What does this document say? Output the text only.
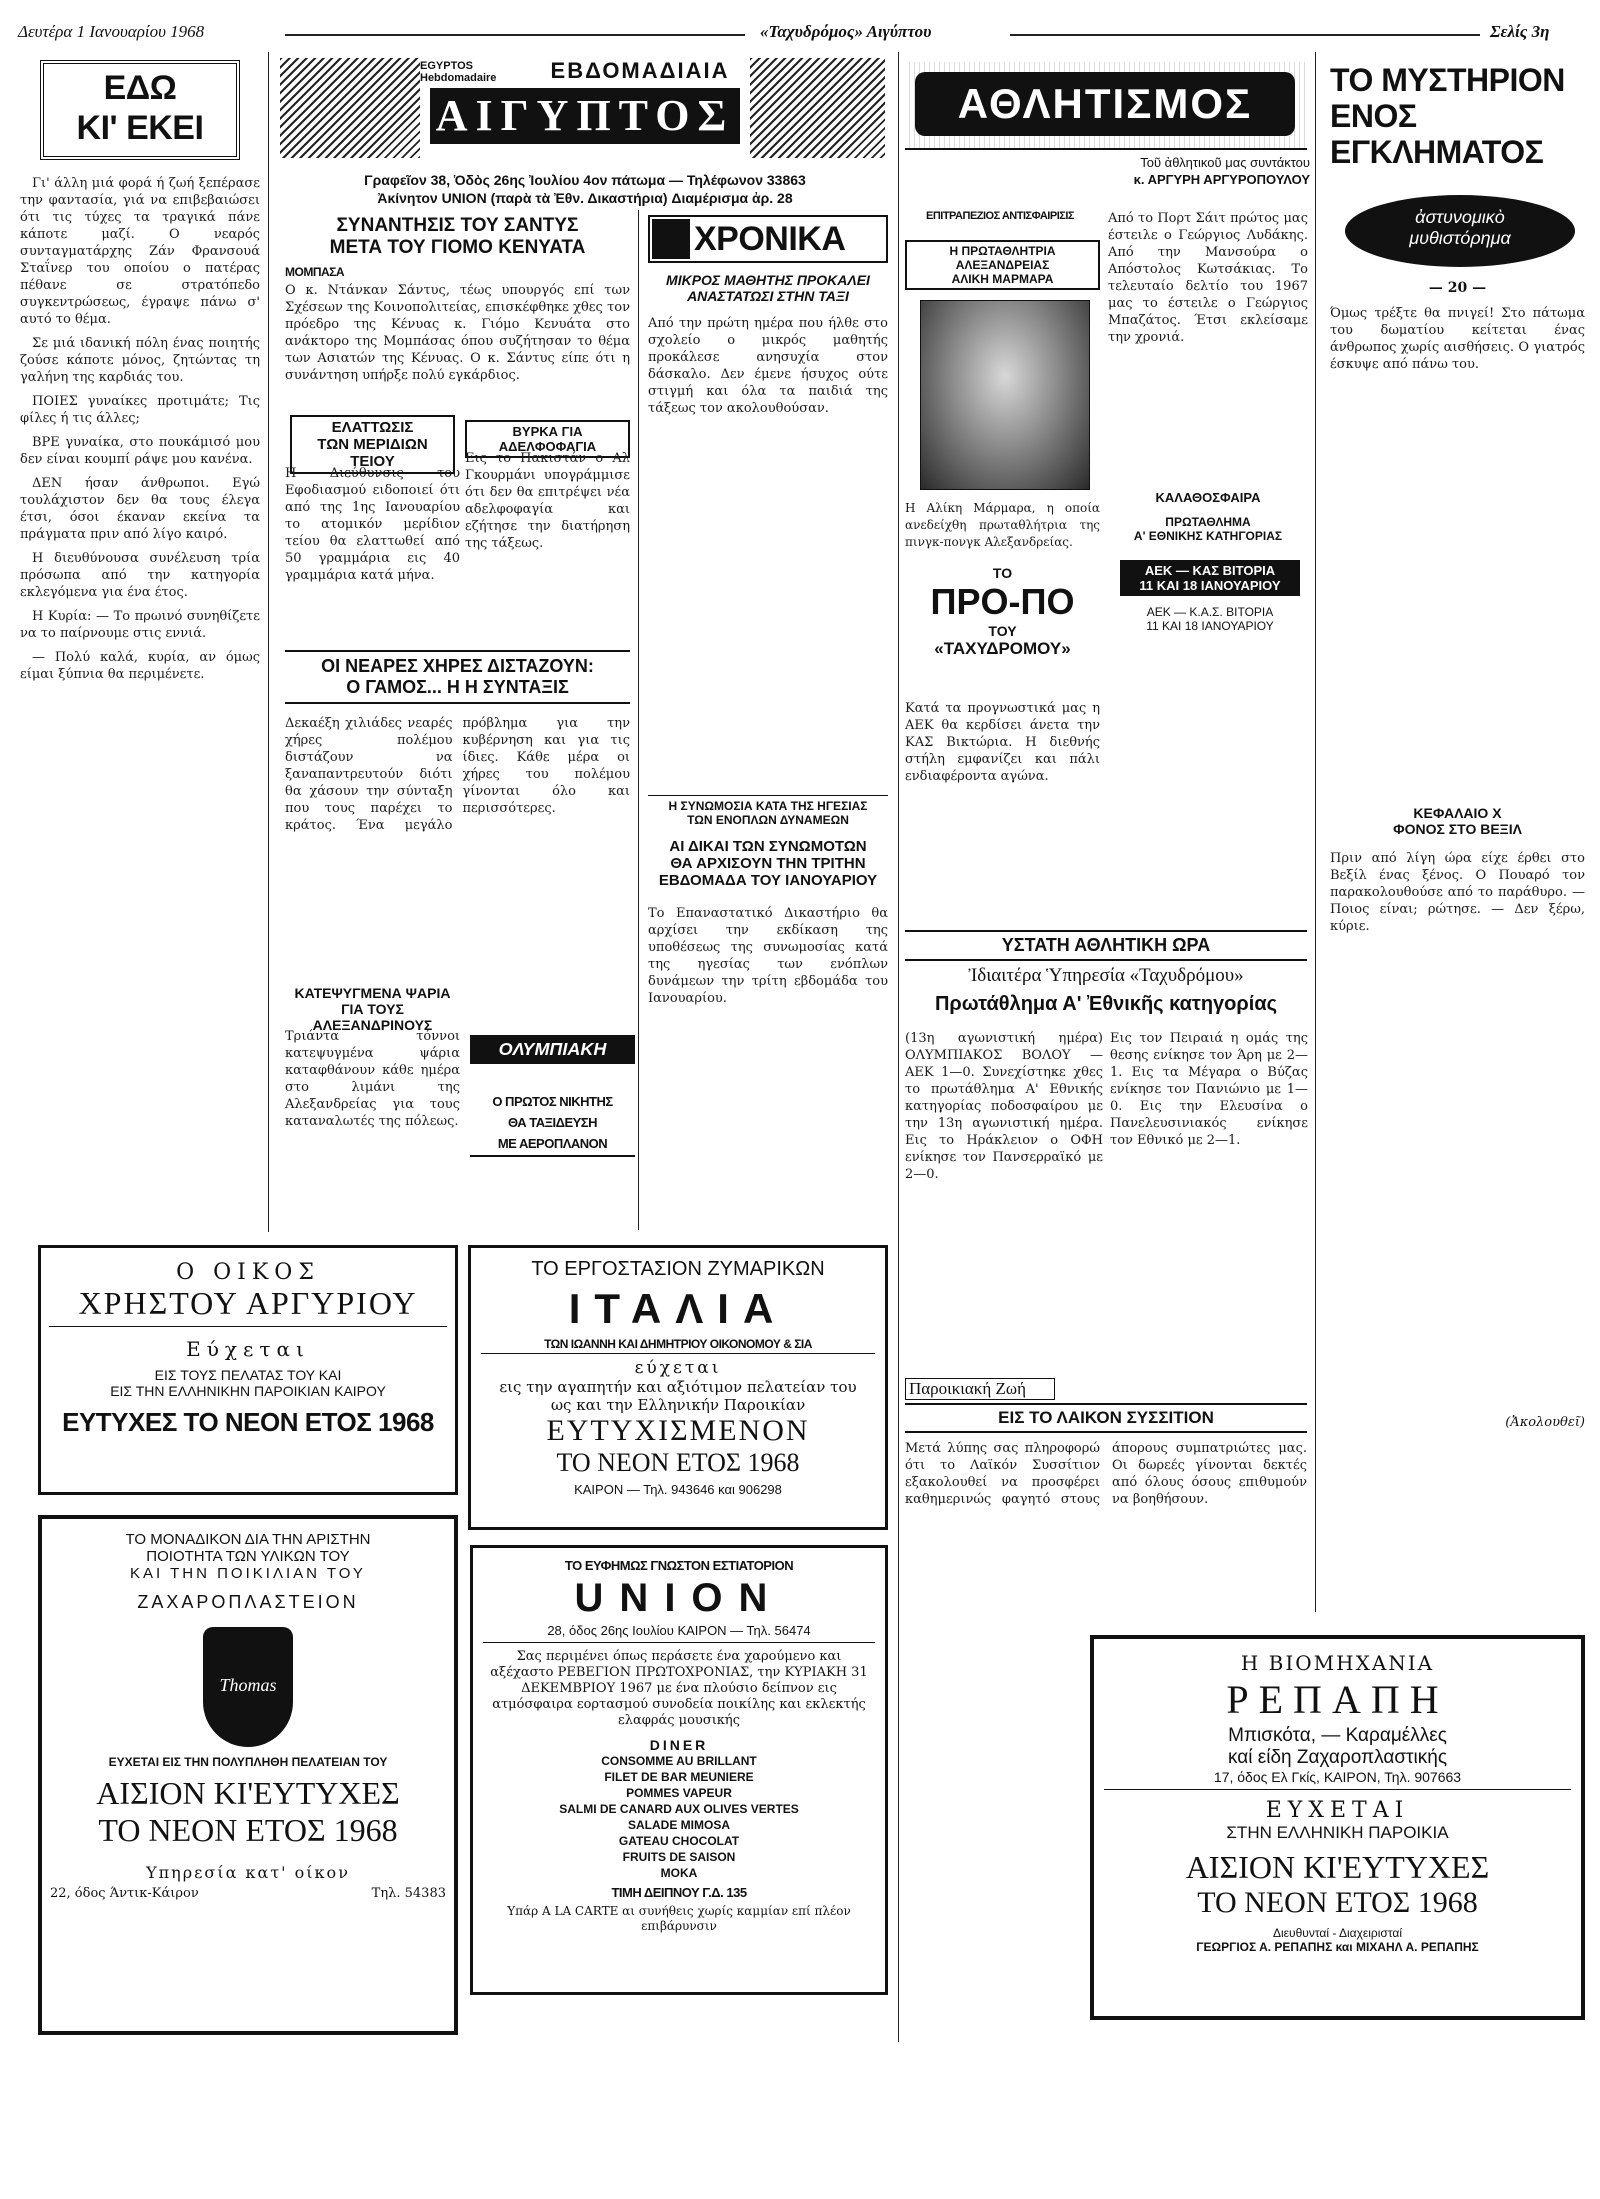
Δευτέρα 1 Ιανουαρίου 1968	«Ταχυδρόμος» Αιγύπτου	Σελίς 3η
ΕΔΩ
ΚΙ' ΕΚΕΙ

Γι' άλλη μιά φορά ή ζωή ξεπέρασε την φαντασία, γιά να επιβεβαιώσει ότι τις τύχες τα τραγικά πάνε κάποτε μαζί. Ο νεαρός συνταγματάρχης Ζάν Φρανσουά Σταΐνερ του οποίου ο πατέρας πέθανε σε στρατόπεδο συγκεντρώσεως, έγραψε πάνω σ' αυτό το θέμα.

Σε μιά ιδανική πόλη ένας ποιητής ζούσε κάποτε μόνος, ζητώντας τη γαλήνη της καρδιάς του.

ΠΟΙΕΣ γυναίκες προτιμάτε; Τις φίλες ή τις άλλες;

ΒΡΕ γυναίκα, στο πουκάμισό μου δεν είναι κουμπί ράψε μου κανένα.

ΔΕΝ ήσαν άνθρωποι. Εγώ τουλάχιστον δεν θα τους έλεγα έτσι, όσοι έκαναν εκείνα τα πράγματα πριν από λίγο καιρό.

Η διευθύνουσα συνέλευση τρία πρόσωπα από την κατηγορία εκλεγόμενα για ένα έτος.

Η Κυρία: — Το πρωινό συνηθίζετε να το παίρνουμε στις εννιά.

— Πολύ καλά, κυρία, αν όμως είμαι ξύπνια θα περιμένετε.

EGYPTOS Hebdomadaire	ΕΒΔΟΜΑΔΙΑΙΑ
ΑΙΓΥΠΤΟΣ
Γραφεῖον 38, Ὁδὸς 26ης Ἰουλίου 4ον πάτωμα — Τηλέφωνον 33863
Ἀκίνητον UNION (παρὰ τὰ Ἐθν. Δικαστήρια) Διαμέρισμα ἀρ. 28
ΣΥΝΑΝΤΗΣΙΣ ΤΟΥ ΣΑΝΤΥΣ
ΜΕΤΑ ΤΟΥ ΓΙΟΜΟ ΚΕΝΥΑΤΑ
ΜΟΜΠΑΣΑ
Ο κ. Ντάνκαν Σάντυς, τέως υπουργός επί των Σχέσεων της Κοινοπολιτείας, επισκέφθηκε χθες τον πρόεδρο της Κένυας κ. Γιόμο Κενυάτα στο ανάκτορο της Μομπάσας όπου συζήτησαν το θέμα των Ασιατών της Κένυας. Ο κ. Σάντυς είπε ότι η συνάντηση υπήρξε πολύ εγκάρδιος.
ΕΛΑΤΤΩΣΙΣ
ΤΩΝ ΜΕΡΙΔΙΩΝ ΤΕΙΟΥ
Η Διεύθυνσις του Εφοδιασμού ειδοποιεί ότι από της 1ης Ιανουαρίου το ατομικόν μερίδιον τείου θα ελαττωθεί από 50 γραμμάρια εις 40 γραμμάρια κατά μήνα.
ΒΥΡΚΑ ΓΙΑ ΑΔΕΛΦΟΦΑΓΙΑ
Εις το Πακιστάν ο Αλ Γκουρμάνι υπογράμμισε ότι δεν θα επιτρέψει νέα αδελφοφαγία και εζήτησε την διατήρηση της τάξεως.
ΟΙ ΝΕΑΡΕΣ ΧΗΡΕΣ ΔΙΣΤΑΖΟΥΝ:
Ο ΓΑΜΟΣ... Η Η ΣΥΝΤΑΞΙΣ
Δεκαέξη χιλιάδες νεαρές χήρες πολέμου διστάζουν να ξαναπαντρευτούν διότι θα χάσουν την σύνταξη που τους παρέχει το κράτος. Ένα μεγάλο πρόβλημα για την κυβέρνηση και για τις ίδιες. Κάθε μέρα οι χήρες του πολέμου γίνονται όλο και περισσότερες.
ΚΑΤΕΨΥΓΜΕΝΑ ΨΑΡΙΑ
ΓΙΑ ΤΟΥΣ ΑΛΕΞΑΝΔΡΙΝΟΥΣ
Τριάντα τόννοι κατεψυγμένα ψάρια καταφθάνουν κάθε ημέρα στο λιμάνι της Αλεξανδρείας για τους καταναλωτές της πόλεως.
ΟΛΥΜΠΙΑΚΗ
Ο ΠΡΩΤΟΣ ΝΙΚΗΤΗΣ
ΘΑ ΤΑΞΙΔΕΥΣΗ
ΜΕ ΑΕΡΟΠΛΑΝΟΝ
ΧΡΟΝΙΚΑ
ΜΙΚΡΟΣ ΜΑΘΗΤΗΣ ΠΡΟΚΑΛΕΙ
ΑΝΑΣΤΑΤΩΣΙ ΣΤΗΝ ΤΑΞΙ
Από την πρώτη ημέρα που ήλθε στο σχολείο ο μικρός μαθητής προκάλεσε ανησυχία στον δάσκαλο. Δεν έμενε ήσυχος ούτε στιγμή και όλα τα παιδιά της τάξεως τον ακολουθούσαν.
Η ΣΥΝΩΜΟΣΙΑ ΚΑΤΑ ΤΗΣ ΗΓΕΣΙΑΣ
ΤΩΝ ΕΝΟΠΛΩΝ ΔΥΝΑΜΕΩΝ
ΑΙ ΔΙΚΑΙ ΤΩΝ ΣΥΝΩΜΟΤΩΝ
ΘΑ ΑΡΧΙΣΟΥΝ ΤΗΝ ΤΡΙΤΗΝ
ΕΒΔΟΜΑΔΑ ΤΟΥ ΙΑΝΟΥΑΡΙΟΥ
Το Επαναστατικό Δικαστήριο θα αρχίσει την εκδίκαση της υποθέσεως της συνωμοσίας κατά της ηγεσίας των ενόπλων δυνάμεων την τρίτη εβδομάδα του Ιανουαρίου.
ΤΟ ΕΡΓΟΣΤΑΣΙΟΝ ΖΥΜΑΡΙΚΩΝ
ΙΤΑΛΙΑ
ΤΩΝ ΙΩΑΝΝΗ ΚΑΙ ΔΗΜΗΤΡΙΟΥ ΟΙΚΟΝΟΜΟΥ & ΣΙΑ
εύχεται
εις την αγαπητήν και αξιότιμον πελατείαν του
ως και την Ελληνικήν Παροικίαν
ΕΥΤΥΧΙΣΜΕΝΟΝ
ΤΟ ΝΕΟΝ ΕΤΟΣ 1968
ΚΑΙΡΟΝ — Τηλ. 943646 και 906298
ΑΘΛΗΤΙΣΜΟΣ
Τοῦ ἀθλητικοῦ μας συντάκτου
κ. ΑΡΓΥΡΗ ΑΡΓΥΡΟΠΟΥΛΟΥ
ΕΠΙΤΡΑΠΕΖΙΟΣ ΑΝΤΙΣΦΑΙΡΙΣΙΣ
Η ΠΡΩΤΑΘΛΗΤΡΙΑ ΑΛΕΞΑΝΔΡΕΙΑΣ
ΑΛΙΚΗ ΜΑΡΜΑΡΑ
Η Αλίκη Μάρμαρα, η οποία ανεδείχθη πρωταθλήτρια της πινγκ-πονγκ Αλεξανδρείας.
Από το Πορτ Σάιτ πρώτος μας έστειλε ο Γεώργιος Λυδάκης. Από την Μανσούρα ο Απόστολος Κωτσάκιας. Το τελευταίο δελτίο του 1967 μας το έστειλε ο Γεώργιος Μπαζάτος. Έτσι εκλείσαμε την χρονιά.
ΚΑΛΑΘΟΣΦΑΙΡΑ
ΠΡΩΤΑΘΛΗΜΑ
Α' ΕΘΝΙΚΗΣ ΚΑΤΗΓΟΡΙΑΣ
ΤΟ
ΠΡΟ-ΠΟ
ΤΟΥ
«ΤΑΧΥΔΡΟΜΟΥ»
Κατά τα προγνωστικά μας η ΑΕΚ θα κερδίσει άνετα την ΚΑΣ Βικτώρια. Η διεθνής στήλη εμφανίζει και πάλι ενδιαφέροντα αγώνα.
ΑΕΚ — ΚΑΣ ΒΙΤΟΡΙΑ
11 ΚΑΙ 18 ΙΑΝΟΥΑΡΙΟΥ
ΑΕΚ — Κ.Α.Σ. ΒΙΤΟΡΙΑ
11 ΚΑΙ 18 ΙΑΝΟΥΑΡΙΟΥ
ΥΣΤΑΤΗ ΑΘΛΗΤΙΚΗ ΩΡΑ
Ἰδιαιτέρα Ὑπηρεσία «Ταχυδρόμου»
Πρωτάθλημα Α' Ἐθνικῆς κατηγορίας
(13η αγωνιστική ημέρα) ΟΛΥΜΠΙΑΚΟΣ ΒΟΛΟΥ — ΑΕΚ 1—0. Συνεχίστηκε χθες το πρωτάθλημα Α' Εθνικής κατηγορίας ποδοσφαίρου με την 13η αγωνιστική ημέρα. Εις το Ηράκλειον ο ΟΦΗ ενίκησε τον Πανσερραϊκό με 2—0.
Εις τον Πειραιά η ομάς της θεσης ενίκησε τον Άρη με 2—1. Εις τα Μέγαρα ο Βύζας ενίκησε τον Πανιώνιο με 1—0. Εις την Ελευσίνα ο Πανελευσινιακός ενίκησε τον Εθνικό με 2—1.
Παροικιακή Ζωή
ΕΙΣ ΤΟ ΛΑΙΚΟΝ ΣΥΣΣΙΤΙΟΝ
Μετά λύπης σας πληροφορώ ότι το Λαϊκόν Συσσίτιον εξακολουθεί να προσφέρει καθημερινώς φαγητό στους άπορους συμπατριώτες μας. Οι δωρεές γίνονται δεκτές από όλους όσους επιθυμούν να βοηθήσουν.
ΤΟ ΜΥΣΤΗΡΙΟΝ
ΕΝΟΣ
ΕΓΚΛΗΜΑΤΟΣ
ἀστυνομικὸ
μυθιστόρημα
— 20 —
Όμως τρέξτε θα πνιγεί! Στο πάτωμα του δωματίου κείτεται ένας άνθρωπος χωρίς αισθήσεις. Ο γιατρός έσκυψε από πάνω του.
ΚΕΦΑΛΑΙΟ Χ
ΦΟΝΟΣ ΣΤΟ ΒΕΞΙΛ
Πριν από λίγη ώρα είχε έρθει στο Βεξίλ ένας ξένος. Ο Πουαρό τον παρακολουθούσε από το παράθυρο. — Ποιος είναι; ρώτησε. — Δεν ξέρω, κύριε.
(Ἀκολουθεῖ)
Ο ΟΙΚΟΣ
ΧΡΗΣΤΟΥ ΑΡΓΥΡΙΟΥ
Εύχεται
ΕΙΣ ΤΟΥΣ ΠΕΛΑΤΑΣ ΤΟΥ ΚΑΙ
ΕΙΣ ΤΗΝ ΕΛΛΗΝΙΚΗΝ ΠΑΡΟΙΚΙΑΝ ΚΑΙΡΟΥ
ΕΥΤΥΧΕΣ ΤΟ ΝΕΟΝ ΕΤΟΣ 1968
ΤΟ ΜΟΝΑΔΙΚΟΝ ΔΙΑ ΤΗΝ ΑΡΙΣΤΗΝ
ΠΟΙΟΤΗΤΑ ΤΩΝ ΥΛΙΚΩΝ ΤΟΥ
ΚΑΙ ΤΗΝ ΠΟΙΚΙΛΙΑΝ ΤΟΥ
ΖΑΧΑΡΟΠΛΑΣΤΕΙΟΝ
Thomas
ΕΥΧΕΤΑΙ ΕΙΣ ΤΗΝ ΠΟΛΥΠΛΗΘΗ ΠΕΛΑΤΕΙΑΝ ΤΟΥ
ΑΙΣΙΟΝ ΚΙ'ΕΥΤΥΧΕΣ
ΤΟ ΝΕΟΝ ΕΤΟΣ 1968
Υπηρεσία κατ' οίκον
22, όδος Άντικ-Κάιρον	Τηλ. 54383
ΤΟ ΕΥΦΗΜΩΣ ΓΝΩΣΤΟΝ ΕΣΤΙΑΤΟΡΙΟΝ
UNION
28, όδος 26ης Ιουλίου ΚΑΙΡΟΝ — Τηλ. 56474
Σας περιμένει όπως περάσετε ένα χαρούμενο και αξέχαστο ΡΕΒΕΓΙΟΝ ΠΡΩΤΟΧΡΟΝΙΑΣ, την ΚΥΡΙΑΚΗ 31 ΔΕΚΕΜΒΡΙΟΥ 1967 με ένα πλούσιο δείπνον εις ατμόσφαιρα εορτασμού συνοδεία ποικίλης και εκλεκτής ελαφράς μουσικής
DINER
CONSOMME AU BRILLANT
FILET DE BAR MEUNIERE
POMMES VAPEUR
SALMI DE CANARD AUX OLIVES VERTES
SALADE MIMOSA
GATEAU CHOCOLAT
FRUITS DE SAISON
MOKA
ΤΙΜΗ ΔΕΙΠΝΟΥ Γ.Δ. 135
Υπάρ Α LA CARTE αι συνήθεις χωρίς καμμίαν επί πλέον επιβάρυνσιν
Η ΒΙΟΜΗΧΑΝΙΑ
ΡΕΠΑΠΗ
Μπισκότα, — Καραμέλλες
καί είδη Ζαχαροπλαστικής
17, όδος Ελ Γκίς, ΚΑΙΡΟΝ, Τηλ. 907663
ΕΥΧΕΤΑΙ
ΣΤΗΝ ΕΛΛΗΝΙΚΗ ΠΑΡΟΙΚΙΑ
ΑΙΣΙΟΝ ΚΙ'ΕΥΤΥΧΕΣ
ΤΟ ΝΕΟΝ ΕΤΟΣ 1968
Διευθυνταί - Διαχειρισταί
ΓΕΩΡΓΙΟΣ Α. ΡΕΠΑΠΗΣ και ΜΙΧΑΗΛ Α. ΡΕΠΑΠΗΣ
